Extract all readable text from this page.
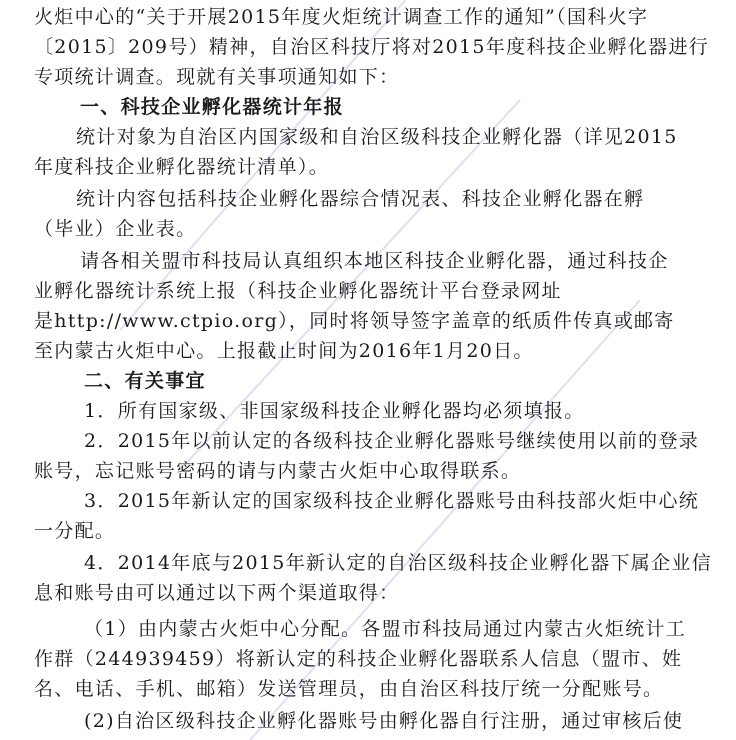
火炬中心的“关于开展2015年度火炬统计调查工作的通知”（国科火字
〔2015〕209号）精神，自治区科技厅将对2015年度科技企业孵化器进行
专项统计调查。现就有关事项通知如下：
一、科技企业孵化器统计年报
统计对象为自治区内国家级和自治区级科技企业孵化器（详见2015
年度科技企业孵化器统计清单）。
统计内容包括科技企业孵化器综合情况表、科技企业孵化器在孵
（毕业）企业表。
请各相关盟市科技局认真组织本地区科技企业孵化器，通过科技企
业孵化器统计系统上报（科技企业孵化器统计平台登录网址
是http://www.ctpio.org），同时将领导签字盖章的纸质件传真或邮寄
至内蒙古火炬中心。上报截止时间为2016年1月20日。
二、有关事宜
1．所有国家级、非国家级科技企业孵化器均必须填报。
2．2015年以前认定的各级科技企业孵化器账号继续使用以前的登录
账号，忘记账号密码的请与内蒙古火炬中心取得联系。
3．2015年新认定的国家级科技企业孵化器账号由科技部火炬中心统
一分配。
4．2014年底与2015年新认定的自治区级科技企业孵化器下属企业信
息和账号由可以通过以下两个渠道取得：
（1）由内蒙古火炬中心分配。各盟市科技局通过内蒙古火炬统计工
作群（244939459）将新认定的科技企业孵化器联系人信息（盟市、姓
名、电话、手机、邮箱）发送管理员，由自治区科技厅统一分配账号。
(2)自治区级科技企业孵化器账号由孵化器自行注册，通过审核后使
